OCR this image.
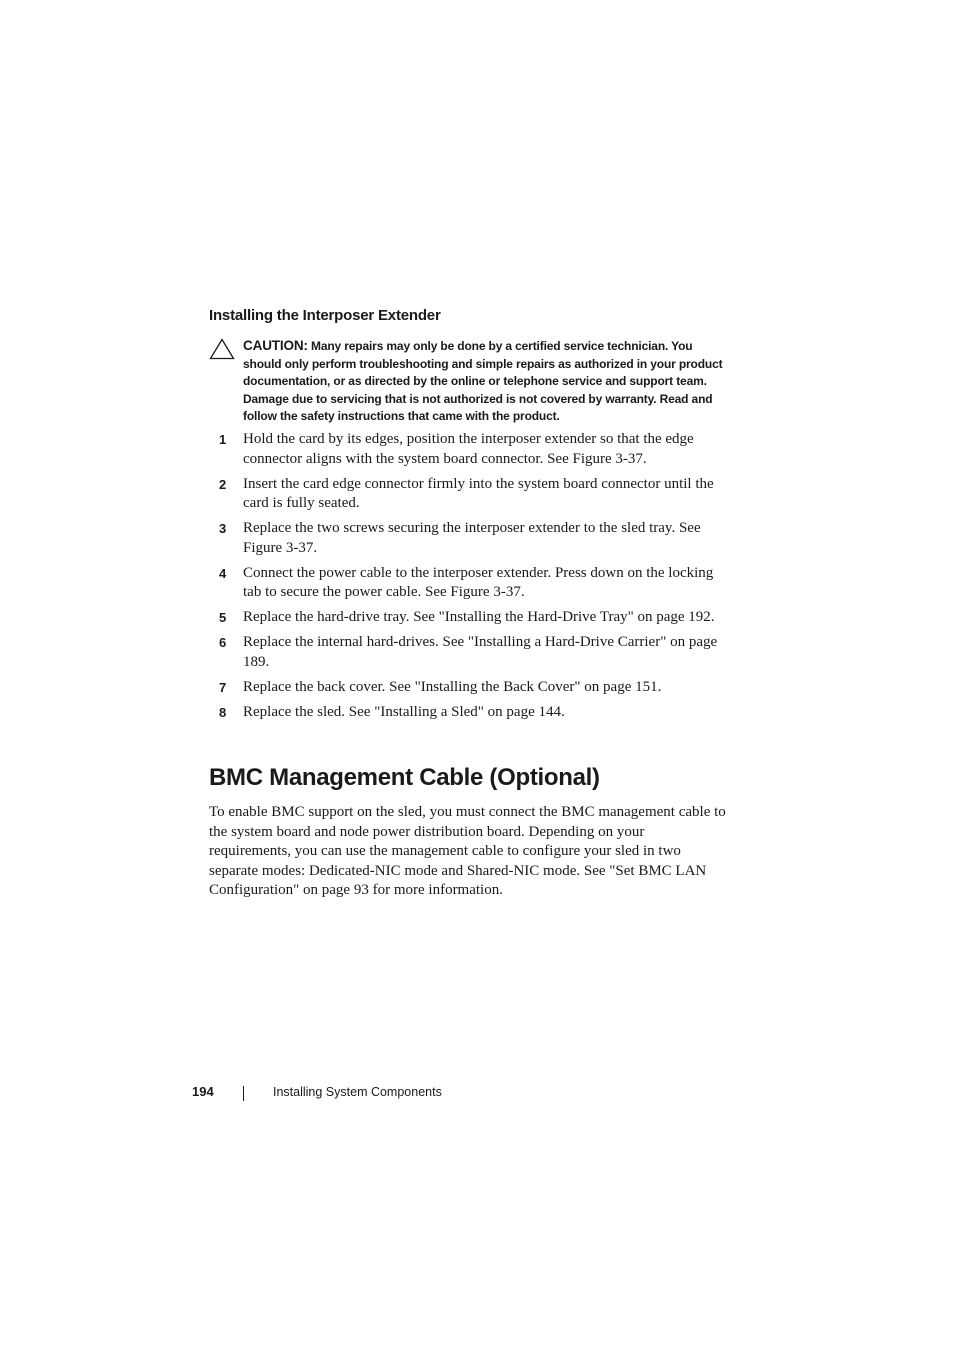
Installing the Interposer Extender
CAUTION: Many repairs may only be done by a certified service technician. You should only perform troubleshooting and simple repairs as authorized in your product documentation, or as directed by the online or telephone service and support team. Damage due to servicing that is not authorized is not covered by warranty. Read and follow the safety instructions that came with the product.
1 Hold the card by its edges, position the interposer extender so that the edge connector aligns with the system board connector. See Figure 3-37.
2 Insert the card edge connector firmly into the system board connector until the card is fully seated.
3 Replace the two screws securing the interposer extender to the sled tray. See Figure 3-37.
4 Connect the power cable to the interposer extender. Press down on the locking tab to secure the power cable. See Figure 3-37.
5 Replace the hard-drive tray. See "Installing the Hard-Drive Tray" on page 192.
6 Replace the internal hard-drives. See "Installing a Hard-Drive Carrier" on page 189.
7 Replace the back cover. See "Installing the Back Cover" on page 151.
8 Replace the sled. See "Installing a Sled" on page 144.
BMC Management Cable (Optional)

To enable BMC support on the sled, you must connect the BMC management cable to the system board and node power distribution board. Depending on your requirements, you can use the management cable to configure your sled in two separate modes: Dedicated-NIC mode and Shared-NIC mode. See "Set BMC LAN Configuration" on page 93 for more information.

194	Installing System Components
